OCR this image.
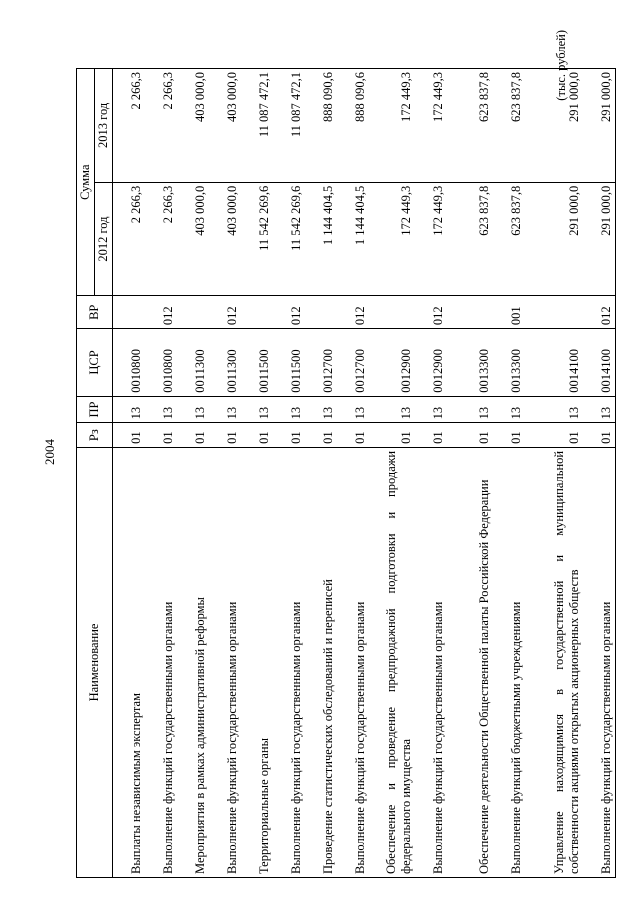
2004
(тыс. рублей)
Наименование	Рз	ПР	ЦСР	ВР	Сумма	
					2012 год	2013 год
Выплаты независимым экспертам	01	13	0010800		2 266,3	2 266,3
Выполнение функций государственными органами	01	13	0010800	012	2 266,3	2 266,3
Мероприятия в рамках административной реформы	01	13	0011300		403 000,0	403 000,0
Выполнение функций государственными органами	01	13	0011300	012	403 000,0	403 000,0
Территориальные органы	01	13	0011500		11 542 269,6	11 087 472,1
Выполнение функций государственными органами	01	13	0011500	012	11 542 269,6	11 087 472,1
Проведение статистических обследований и переписей	01	13	0012700		1 144 404,5	888 090,6
Выполнение функций государственными органами	01	13	0012700	012	1 144 404,5	888 090,6
Обеспечение и проведение предпродажной подготовки и продажи федерального имущества	01	13	0012900		172 449,3	172 449,3
Выполнение функций государственными органами	01	13	0012900	012	172 449,3	172 449,3
Обеспечение деятельности Общественной палаты Российской Федерации	01	13	0013300		623 837,8	623 837,8
Выполнение функций бюджетными учреждениями	01	13	0013300	001	623 837,8	623 837,8
Управление находящимися в государственной и муниципальной собственности акциями открытых акционерных обществ	01	13	0014100		291 000,0	291 000,0
Выполнение функций государственными органами	01	13	0014100	012	291 000,0	291 000,0
